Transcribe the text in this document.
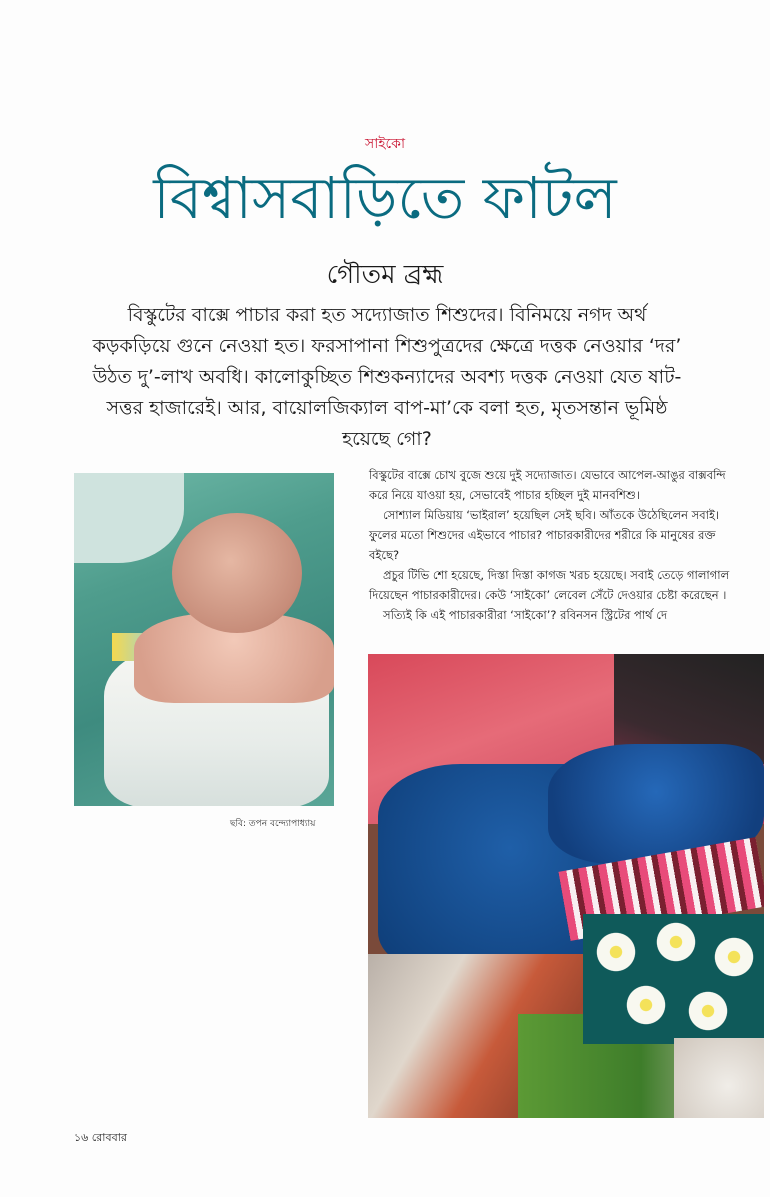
সাইকো
বিশ্বাসবাড়িতে ফাটল
গৌতম ব্রহ্ম
বিস্কুটের বাক্সে পাচার করা হত সদ্যোজাত শিশুদের। বিনিময়ে নগদ অর্থ কড়কড়িয়ে গুনে নেওয়া হত। ফরসাপানা শিশুপুত্রদের ক্ষেত্রে দত্তক নেওয়ার ‘দর’ উঠত দু’-লাখ অবধি। কালোকুচ্ছিত শিশুকন্যাদের অবশ্য দত্তক নেওয়া যেত ষাট-সত্তর হাজারেই। আর, বায়োলজিক্যাল বাপ-মা’কে বলা হত, মৃতসন্তান ভূমিষ্ঠ হয়েছে গো?
ছবি: তপন বন্দ্যোপাধ্যায়

বিস্কুটের বাক্সে চোখ বুজে শুয়ে দুই সদ্যোজাত। যেভাবে আপেল-আঙুর বাক্সবন্দি করে নিয়ে যাওয়া হয়, সেভাবেই পাচার হচ্ছিল দুই মানবশিশু।

সোশ্যাল মিডিয়ায় ‘ভাইরাল’ হয়েছিল সেই ছবি। আঁতকে উঠেছিলেন সবাই। ফুলের মতো শিশুদের এইভাবে পাচার? পাচারকারীদের শরীরে কি মানুষের রক্ত বইছে?

প্রচুর টিভি শো হয়েছে, দিস্তা দিস্তা কাগজ খরচ হয়েছে। সবাই তেড়ে গালাগাল দিয়েছেন পাচারকারীদের। কেউ ‘সাইকো’ লেবেল সেঁটে দেওয়ার চেষ্টা করেছেন ।

সত্যিই কি এই পাচারকারীরা ‘সাইকো’? রবিনসন স্ট্রিটের পার্থ দে

১৬ রোববার
